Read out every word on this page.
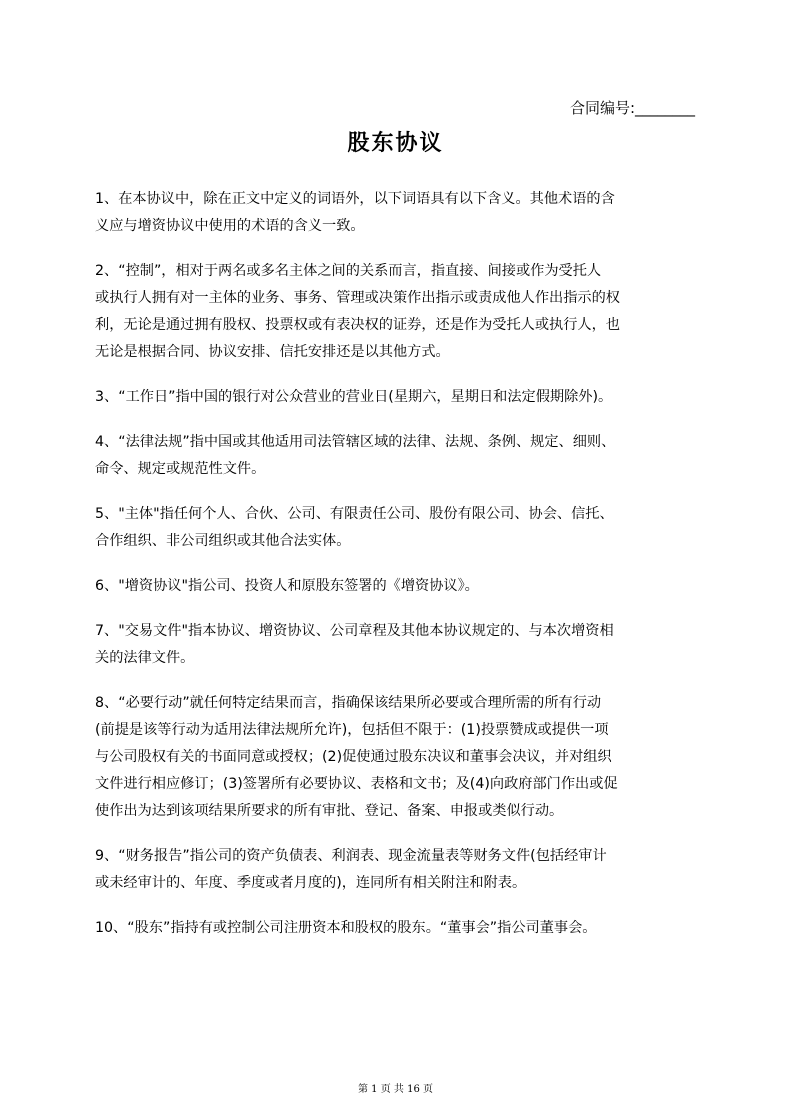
合同编号:________
股东协议
1、在本协议中，除在正文中定义的词语外，以下词语具有以下含义。其他术语的含
义应与增资协议中使用的术语的含义一致。
2、“控制”，相对于两名或多名主体之间的关系而言，指直接、间接或作为受托人
或执行人拥有对一主体的业务、事务、管理或决策作出指示或责成他人作出指示的权
利，无论是通过拥有股权、投票权或有表决权的证券，还是作为受托人或执行人，也
无论是根据合同、协议安排、信托安排还是以其他方式。
3、“工作日”指中国的银行对公众营业的营业日(星期六，星期日和法定假期除外)。
4、“法律法规”指中国或其他适用司法管辖区域的法律、法规、条例、规定、细则、
命令、规定或规范性文件。
5、"主体"指任何个人、合伙、公司、有限责任公司、股份有限公司、协会、信托、
合作组织、非公司组织或其他合法实体。
6、"增资协议"指公司、投资人和原股东签署的《增资协议》。
7、"交易文件"指本协议、增资协议、公司章程及其他本协议规定的、与本次增资相
关的法律文件。
8、“必要行动”就任何特定结果而言，指确保该结果所必要或合理所需的所有行动
(前提是该等行动为适用法律法规所允许)，包括但不限于：(1)投票赞成或提供一项
与公司股权有关的书面同意或授权；(2)促使通过股东决议和董事会决议，并对组织
文件进行相应修订；(3)签署所有必要协议、表格和文书；及(4)向政府部门作出或促
使作出为达到该项结果所要求的所有审批、登记、备案、申报或类似行动。
9、“财务报告”指公司的资产负债表、利润表、现金流量表等财务文件(包括经审计
或未经审计的、年度、季度或者月度的)，连同所有相关附注和附表。
10、“股东”指持有或控制公司注册资本和股权的股东。“董事会”指公司董事会。
第 1 页 共 16 页
